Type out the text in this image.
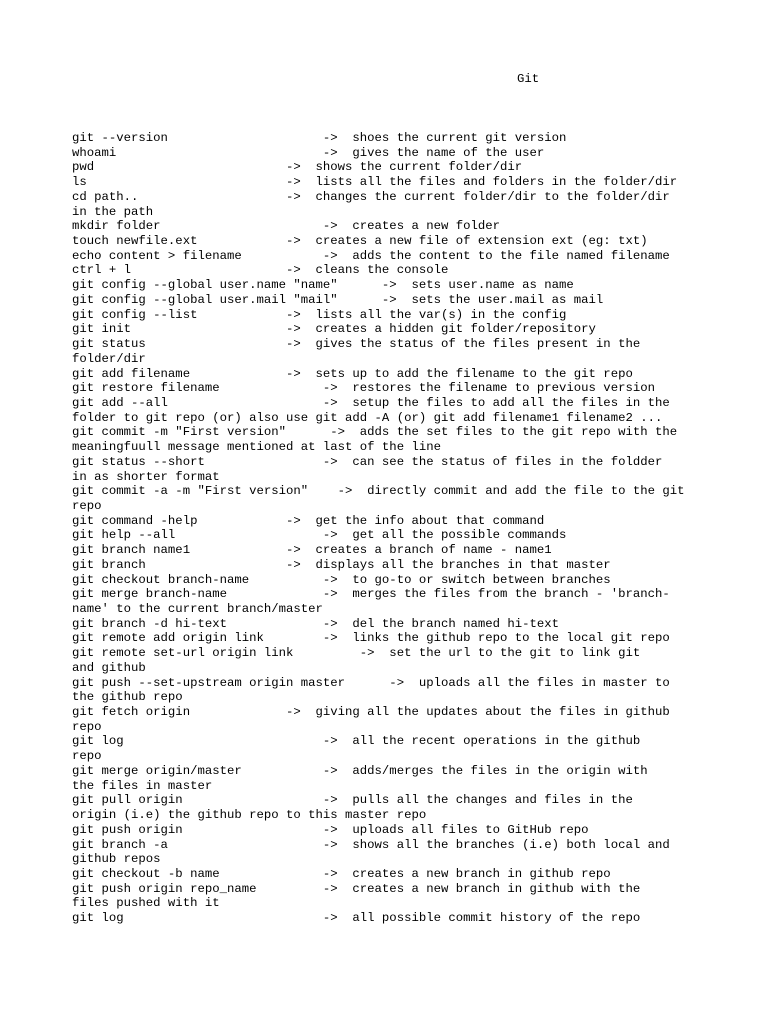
Git
git --version                     ->  shoes the current git version
whoami                            ->  gives the name of the user
pwd                          ->  shows the current folder/dir
ls                           ->  lists all the files and folders in the folder/dir
cd path..                    ->  changes the current folder/dir to the folder/dir
in the path
mkdir folder                      ->  creates a new folder
touch newfile.ext            ->  creates a new file of extension ext (eg: txt)
echo content > filename           ->  adds the content to the file named filename
ctrl + l                     ->  cleans the console
git config --global user.name "name"      ->  sets user.name as name
git config --global user.mail "mail"      ->  sets the user.mail as mail
git config --list            ->  lists all the var(s) in the config
git init                     ->  creates a hidden git folder/repository
git status                   ->  gives the status of the files present in the
folder/dir
git add filename             ->  sets up to add the filename to the git repo
git restore filename              ->  restores the filename to previous version
git add --all                     ->  setup the files to add all the files in the
folder to git repo (or) also use git add -A (or) git add filename1 filename2 ...
git commit -m "First version"      ->  adds the set files to the git repo with the
meaningfuull message mentioned at last of the line
git status --short                ->  can see the status of files in the foldder
in as shorter format
git commit -a -m "First version"    ->  directly commit and add the file to the git
repo
git command -help            ->  get the info about that command
git help --all                    ->  get all the possible commands
git branch name1             ->  creates a branch of name - name1
git branch                   ->  displays all the branches in that master
git checkout branch-name          ->  to go-to or switch between branches
git merge branch-name             ->  merges the files from the branch - 'branch-
name' to the current branch/master
git branch -d hi-text             ->  del the branch named hi-text
git remote add origin link        ->  links the github repo to the local git repo
git remote set-url origin link         ->  set the url to the git to link git
and github
git push --set-upstream origin master      ->  uploads all the files in master to
the github repo
git fetch origin             ->  giving all the updates about the files in github
repo
git log                           ->  all the recent operations in the github
repo
git merge origin/master           ->  adds/merges the files in the origin with
the files in master
git pull origin                   ->  pulls all the changes and files in the
origin (i.e) the github repo to this master repo
git push origin                   ->  uploads all files to GitHub repo
git branch -a                     ->  shows all the branches (i.e) both local and
github repos
git checkout -b name              ->  creates a new branch in github repo
git push origin repo_name         ->  creates a new branch in github with the
files pushed with it
git log                           ->  all possible commit history of the repo
